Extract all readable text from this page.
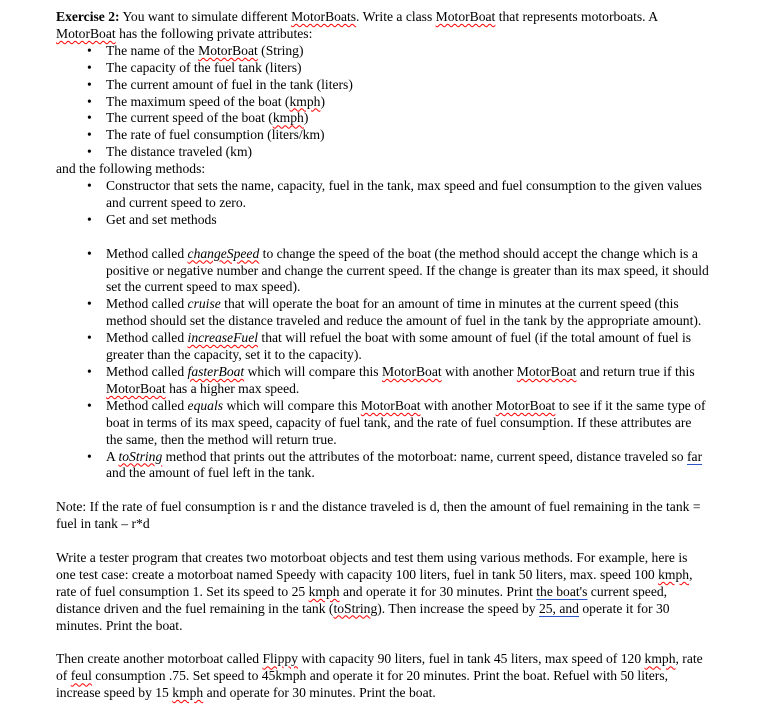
Exercise 2: You want to simulate different MotorBoats. Write a class MotorBoat that represents motorboats. A MotorBoat has the following private attributes:

• The name of the MotorBoat (String)
• The capacity of the fuel tank (liters)
• The current amount of fuel in the tank (liters)
• The maximum speed of the boat (kmph)
• The current speed of the boat (kmph)
• The rate of fuel consumption (liters/km)
• The distance traveled (km)

and the following methods:

• Constructor that sets the name, capacity, fuel in the tank, max speed and fuel consumption to the given values and current speed to zero.
• Get and set methods
• Method called changeSpeed to change the speed of the boat (the method should accept the change which is a positive or negative number and change the current speed. If the change is greater than its max speed, it should set the current speed to max speed).
• Method called cruise that will operate the boat for an amount of time in minutes at the current speed (this method should set the distance traveled and reduce the amount of fuel in the tank by the appropriate amount).
• Method called increaseFuel that will refuel the boat with some amount of fuel (if the total amount of fuel is greater than the capacity, set it to the capacity).
• Method called fasterBoat which will compare this MotorBoat with another MotorBoat and return true if this MotorBoat has a higher max speed.
• Method called equals which will compare this MotorBoat with another MotorBoat to see if it the same type of boat in terms of its max speed, capacity of fuel tank, and the rate of fuel consumption. If these attributes are the same, then the method will return true.
• A toString method that prints out the attributes of the motorboat: name, current speed, distance traveled so far and the amount of fuel left in the tank.

Note: If the rate of fuel consumption is r and the distance traveled is d, then the amount of fuel remaining in the tank = fuel in tank – r*d

Write a tester program that creates two motorboat objects and test them using various methods. For example, here is one test case: create a motorboat named Speedy with capacity 100 liters, fuel in tank 50 liters, max. speed 100 kmph, rate of fuel consumption 1. Set its speed to 25 kmph and operate it for 30 minutes. Print the boat's current speed, distance driven and the fuel remaining in the tank (toString). Then increase the speed by 25, and operate it for 30 minutes. Print the boat.

Then create another motorboat called Flippy with capacity 90 liters, fuel in tank 45 liters, max speed of 120 kmph, rate of feul consumption .75. Set speed to 45kmph and operate it for 20 minutes. Print the boat. Refuel with 50 liters, increase speed by 15 kmph and operate for 30 minutes. Print the boat.
